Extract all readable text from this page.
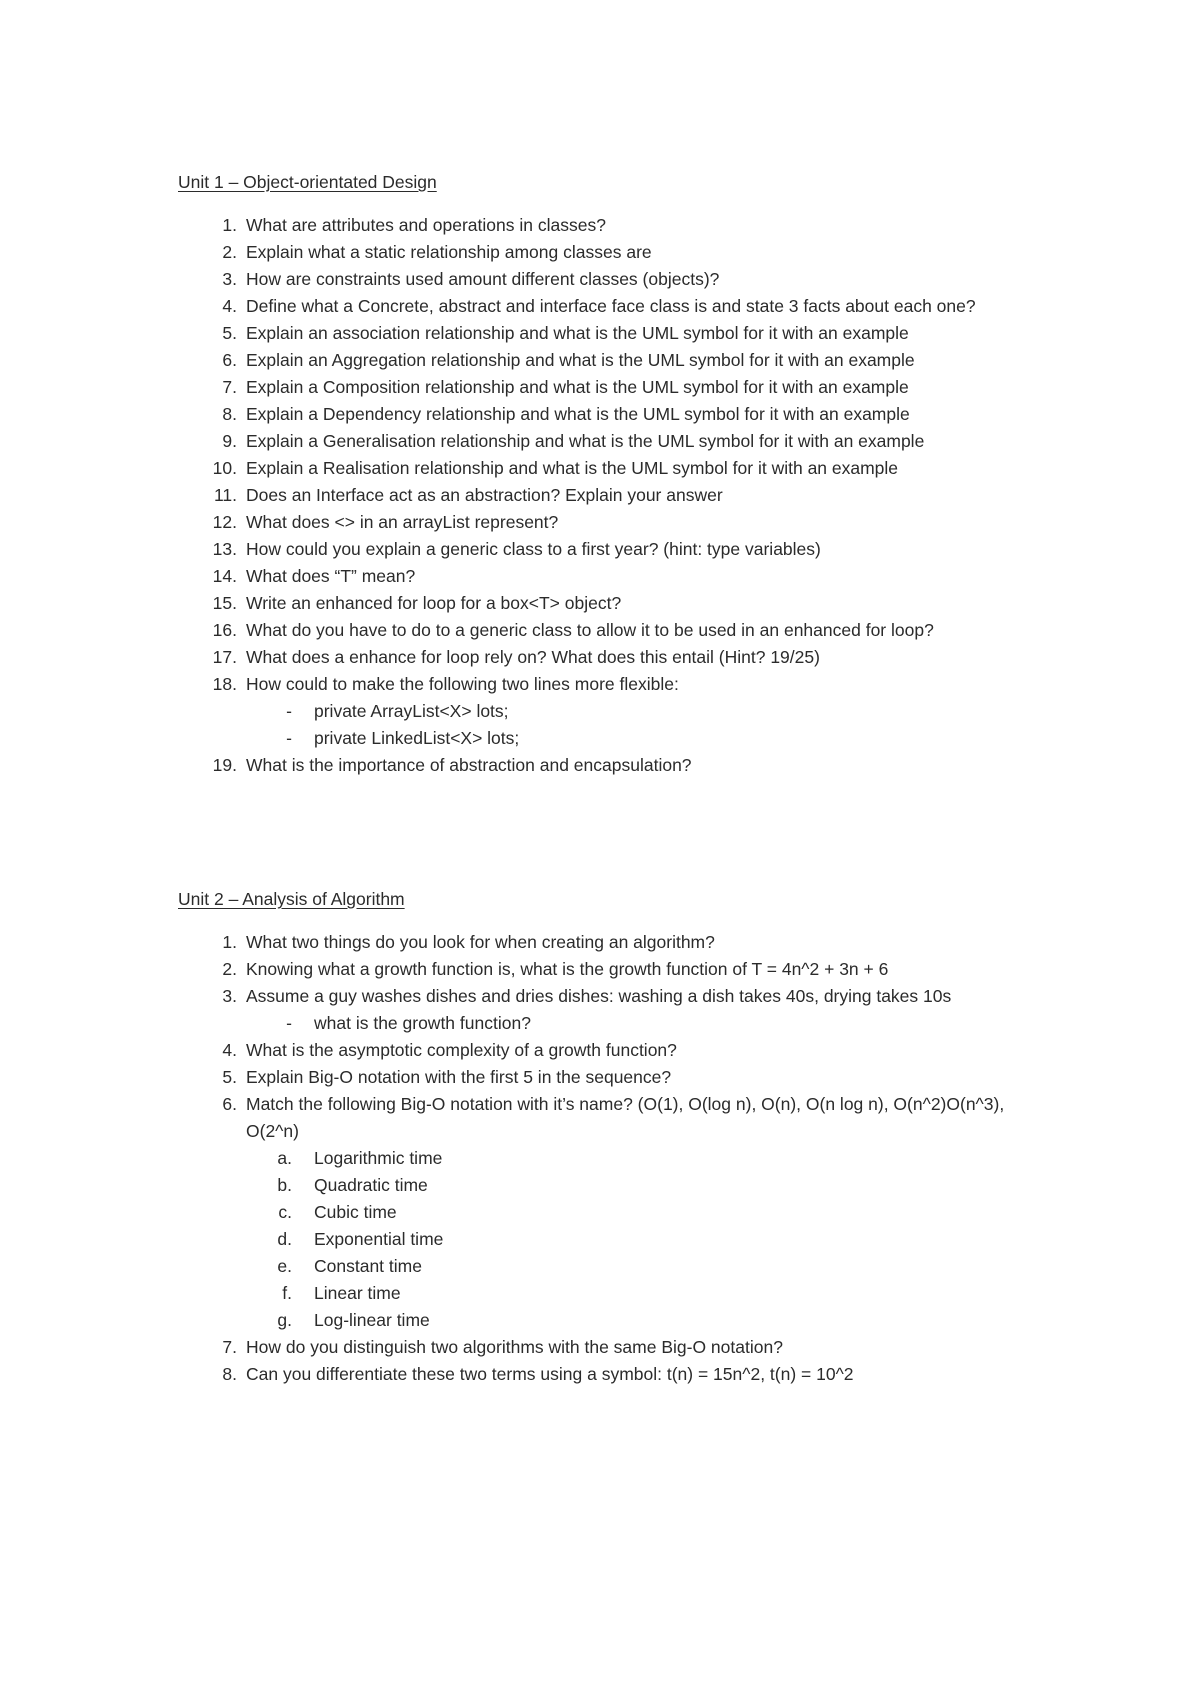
Unit 1 – Object-orientated Design
1. What are attributes and operations in classes?
2. Explain what a static relationship among classes are
3. How are constraints used amount different classes (objects)?
4. Define what a Concrete, abstract and interface face class is and state 3 facts about each one?
5. Explain an association relationship and what is the UML symbol for it with an example
6. Explain an Aggregation relationship and what is the UML symbol for it with an example
7. Explain a Composition relationship and what is the UML symbol for it with an example
8. Explain a Dependency relationship and what is the UML symbol for it with an example
9. Explain a Generalisation relationship and what is the UML symbol for it with an example
10. Explain a Realisation relationship and what is the UML symbol for it with an example
11. Does an Interface act as an abstraction? Explain your answer
12. What does <> in an arrayList represent?
13. How could you explain a generic class to a first year? (hint: type variables)
14. What does “T” mean?
15. Write an enhanced for loop for a box<T> object?
16. What do you have to do to a generic class to allow it to be used in an enhanced for loop?
17. What does a enhance for loop rely on? What does this entail (Hint? 19/25)
18. How could to make the following two lines more flexible:
-	private ArrayList<X> lots;
-	private LinkedList<X> lots;
19. What is the importance of abstraction and encapsulation?
Unit 2 – Analysis of Algorithm
1. What two things do you look for when creating an algorithm?
2. Knowing what a growth function is, what is the growth function of T = 4n^2 + 3n + 6
3. Assume a guy washes dishes and dries dishes: washing a dish takes 40s, drying takes 10s
-	what is the growth function?
4. What is the asymptotic complexity of a growth function?
5. Explain Big-O notation with the first 5 in the sequence?
6. Match the following Big-O notation with it’s name? (O(1), O(log n), O(n), O(n log n), O(n^2)O(n^3), O(2^n)
a.	Logarithmic time
b.	Quadratic time
c.	Cubic time
d.	Exponential time
e.	Constant time
f.	Linear time
g.	Log-linear time
7. How do you distinguish two algorithms with the same Big-O notation?
8. Can you differentiate these two terms using a symbol: t(n) = 15n^2, t(n) = 10^2
